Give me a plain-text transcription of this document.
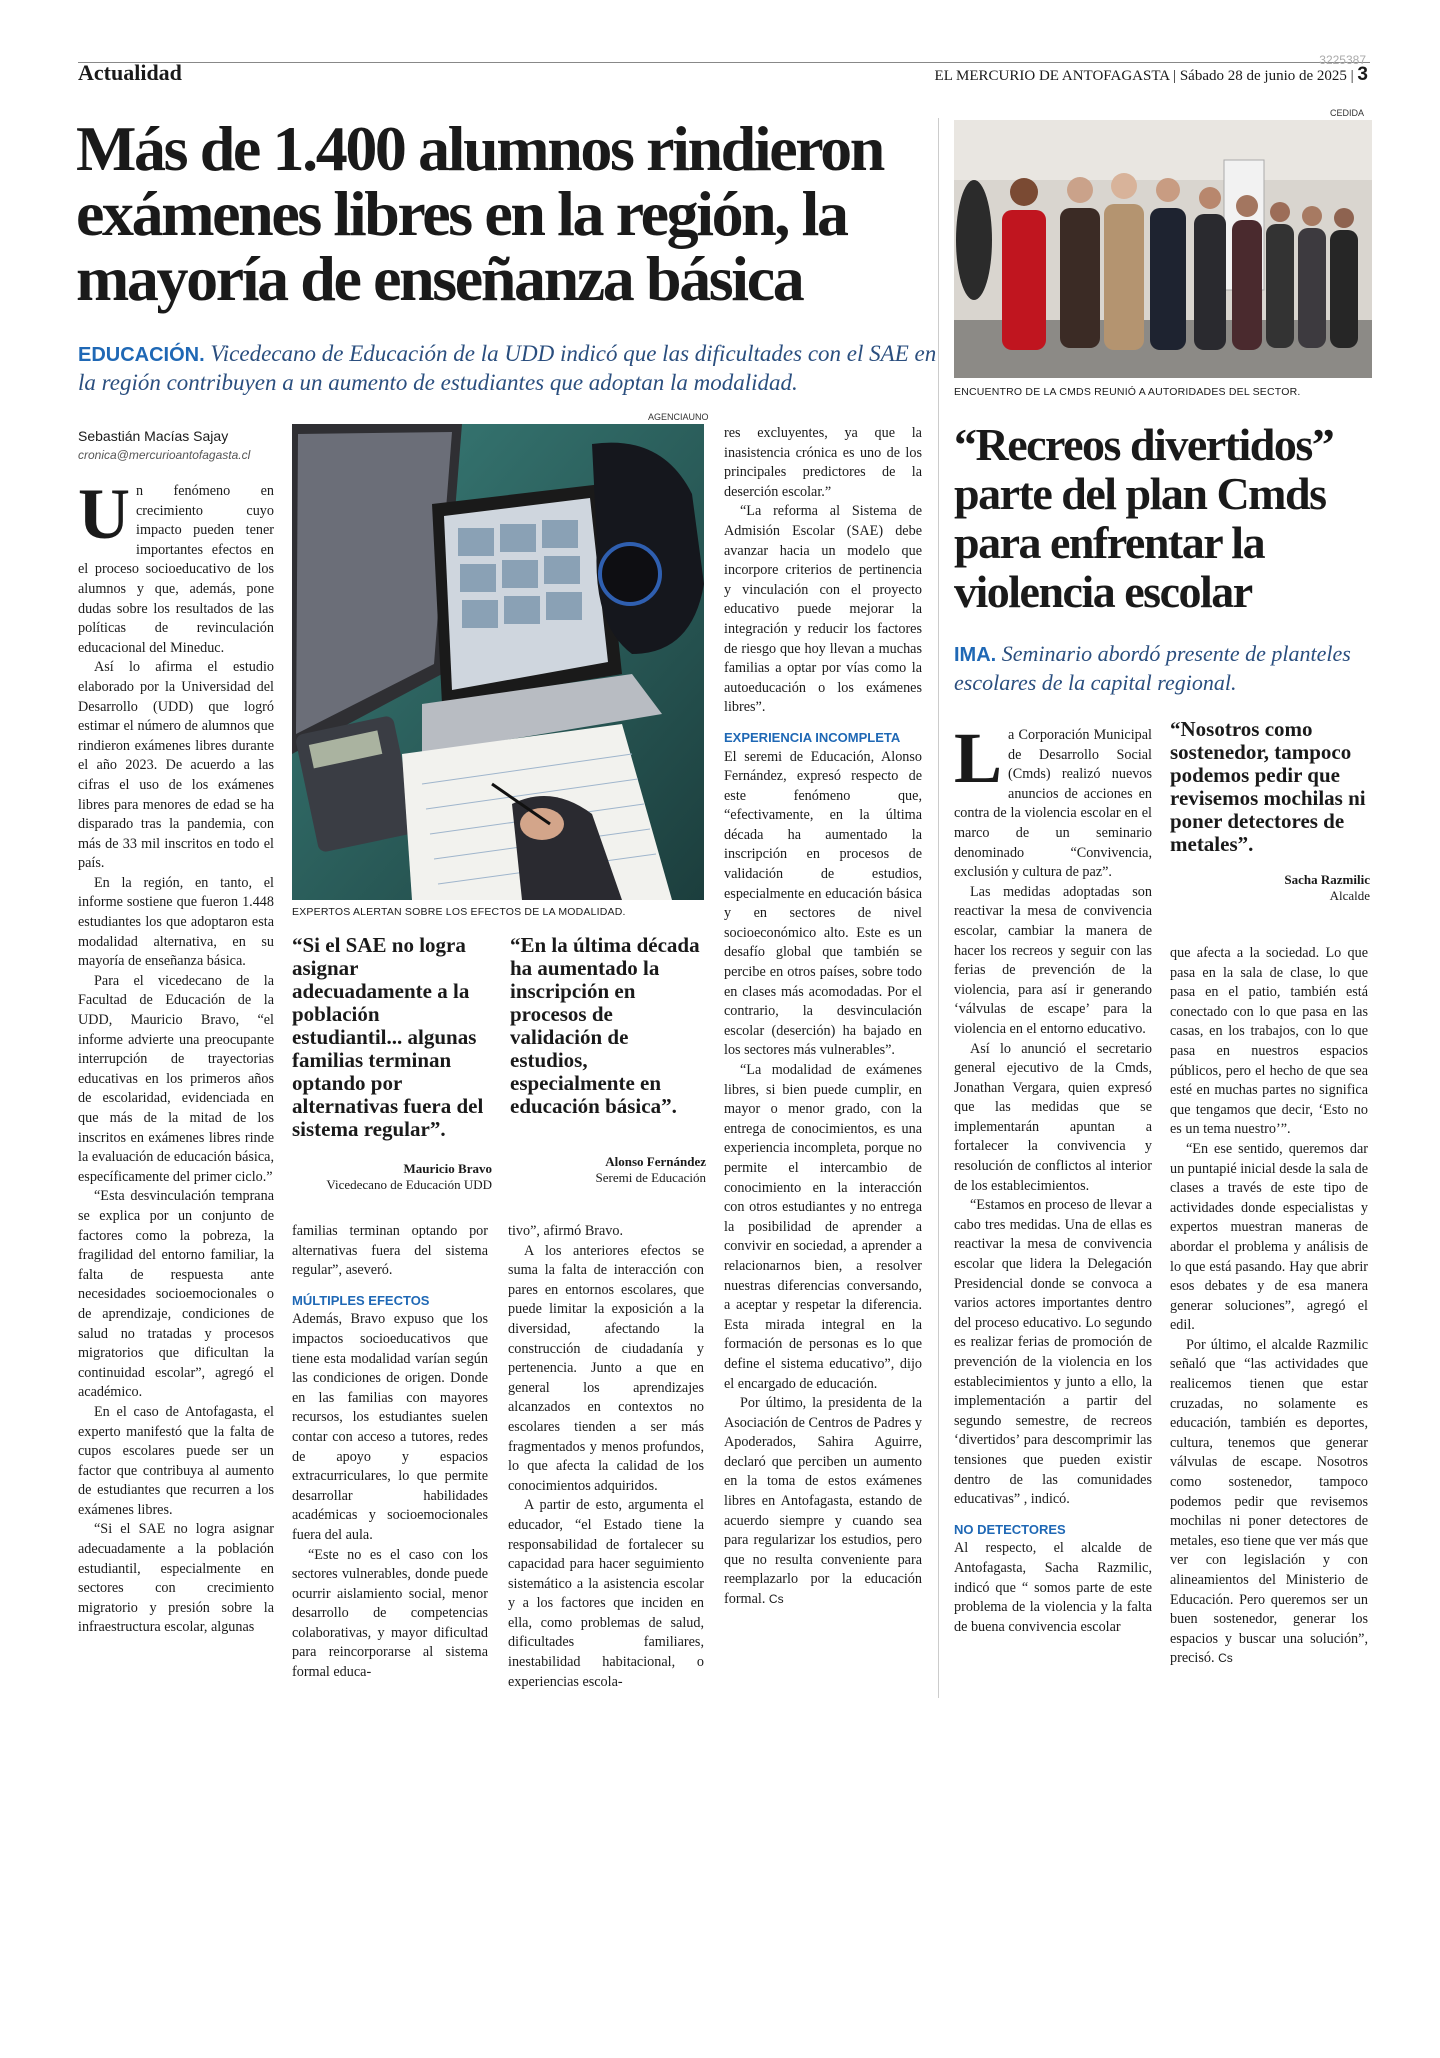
Actualidad	3225387
EL MERCURIO DE ANTOFAGASTA | Sábado 28 de junio de 2025 | 3
Más de 1.400 alumnos rindieron exámenes libres en la región, la mayoría de enseñanza básica
EDUCACIÓN. Vicedecano de Educación de la UDD indicó que las dificultades con el SAE en la región contribuyen a un aumento de estudiantes que adoptan la modalidad.
Sebastián Macías Sajay
cronica@mercurioantofagasta.cl

Un fenómeno en crecimiento cuyo impacto pueden tener importantes efectos en el proceso socioeducativo de los alumnos y que, además, pone dudas sobre los resultados de las políticas de revinculación educacional del Mineduc.

Así lo afirma el estudio elaborado por la Universidad del Desarrollo (UDD) que logró estimar el número de alumnos que rindieron exámenes libres durante el año 2023. De acuerdo a las cifras el uso de los exámenes libres para menores de edad se ha disparado tras la pandemia, con más de 33 mil inscritos en todo el país.

En la región, en tanto, el informe sostiene que fueron 1.448 estudiantes los que adoptaron esta modalidad alternativa, en su mayoría de enseñanza básica.

Para el vicedecano de la Facultad de Educación de la UDD, Mauricio Bravo, “el informe advierte una preocupante interrupción de trayectorias educativas en los primeros años de escolaridad, evidenciada en que más de la mitad de los inscritos en exámenes libres rinde la evaluación de educación básica, específicamente del primer ciclo.”

“Esta desvinculación temprana se explica por un conjunto de factores como la pobreza, la fragilidad del entorno familiar, la falta de respuesta ante necesidades socioemocionales o de aprendizaje, condiciones de salud no tratadas y procesos migratorios que dificultan la continuidad escolar”, agregó el académico.

En el caso de Antofagasta, el experto manifestó que la falta de cupos escolares puede ser un factor que contribuya al aumento de estudiantes que recurren a los exámenes libres.

“Si el SAE no logra asignar adecuadamente a la población estudiantil, especialmente en sectores con crecimiento migratorio y presión sobre la infraestructura escolar, algunas

AGENCIAUNO
EXPERTOS ALERTAN SOBRE LOS EFECTOS DE LA MODALIDAD.
“Si el SAE no logra asignar adecuadamente a la población estudiantil... algunas familias terminan optando por alternativas fuera del sistema regular”.
Mauricio Bravo
Vicedecano de Educación UDD
“En la última década ha aumentado la inscripción en procesos de validación de estudios, especialmente en educación básica”.
Alonso Fernández
Seremi de Educación

familias terminan optando por alternativas fuera del sistema regular”, aseveró.

MÚLTIPLES EFECTOS

Además, Bravo expuso que los impactos socioeducativos que tiene esta modalidad varían según las condiciones de origen. Donde en las familias con mayores recursos, los estudiantes suelen contar con acceso a tutores, redes de apoyo y espacios extracurriculares, lo que permite desarrollar habilidades académicas y socioemocionales fuera del aula.

“Este no es el caso con los sectores vulnerables, donde puede ocurrir aislamiento social, menor desarrollo de competencias colaborativas, y mayor dificultad para reincorporarse al sistema formal educa-

tivo”, afirmó Bravo.

A los anteriores efectos se suma la falta de interacción con pares en entornos escolares, que puede limitar la exposición a la diversidad, afectando la construcción de ciudadanía y pertenencia. Junto a que en general los aprendizajes alcanzados en contextos no escolares tienden a ser más fragmentados y menos profundos, lo que afecta la calidad de los conocimientos adquiridos.

A partir de esto, argumenta el educador, “el Estado tiene la responsabilidad de fortalecer su capacidad para hacer seguimiento sistemático a la asistencia escolar y a los factores que inciden en ella, como problemas de salud, dificultades familiares, inestabilidad habitacional, o experiencias escola-

res excluyentes, ya que la inasistencia crónica es uno de los principales predictores de la deserción escolar.”

“La reforma al Sistema de Admisión Escolar (SAE) debe avanzar hacia un modelo que incorpore criterios de pertinencia y vinculación con el proyecto educativo puede mejorar la integración y reducir los factores de riesgo que hoy llevan a muchas familias a optar por vías como la autoeducación o los exámenes libres”.

EXPERIENCIA INCOMPLETA

El seremi de Educación, Alonso Fernández, expresó respecto de este fenómeno que, “efectivamente, en la última década ha aumentado la inscripción en procesos de validación de estudios, especialmente en educación básica y en sectores de nivel socioeconómico alto. Este es un desafío global que también se percibe en otros países, sobre todo en clases más acomodadas. Por el contrario, la desvinculación escolar (deserción) ha bajado en los sectores más vulnerables”.

“La modalidad de exámenes libres, si bien puede cumplir, en mayor o menor grado, con la entrega de conocimientos, es una experiencia incompleta, porque no permite el intercambio de conocimiento en la interacción con otros estudiantes y no entrega la posibilidad de aprender a convivir en sociedad, a aprender a relacionarnos bien, a resolver nuestras diferencias conversando, a aceptar y respetar la diferencia. Esta mirada integral en la formación de personas es lo que define el sistema educativo”, dijo el encargado de educación.

Por último, la presidenta de la Asociación de Centros de Padres y Apoderados, Sahira Aguirre, declaró que perciben un aumento en la toma de estos exámenes libres en Antofagasta, estando de acuerdo siempre y cuando sea para regularizar los estudios, pero que no resulta conveniente para reemplazarlo por la educación formal. Cs

CEDIDA
ENCUENTRO DE LA CMDS REUNIÓ A AUTORIDADES DEL SECTOR.
“Recreos divertidos” parte del plan Cmds para enfrentar la violencia escolar
IMA. Seminario abordó presente de planteles escolares de la capital regional.

La Corporación Municipal de Desarrollo Social (Cmds) realizó nuevos anuncios de acciones en contra de la violencia escolar en el marco de un seminario denominado “Convivencia, exclusión y cultura de paz”.

Las medidas adoptadas son reactivar la mesa de convivencia escolar, cambiar la manera de hacer los recreos y seguir con las ferias de prevención de la violencia, para así ir generando ‘válvulas de escape’ para la violencia en el entorno educativo.

Así lo anunció el secretario general ejecutivo de la Cmds, Jonathan Vergara, quien expresó que las medidas que se implementarán apuntan a fortalecer la convivencia y resolución de conflictos al interior de los establecimientos.

“Estamos en proceso de llevar a cabo tres medidas. Una de ellas es reactivar la mesa de convivencia escolar que lidera la Delegación Presidencial donde se convoca a varios actores importantes dentro del proceso educativo. Lo segundo es realizar ferias de promoción de prevención de la violencia en los establecimientos y junto a ello, la implementación a partir del segundo semestre, de recreos ‘divertidos’ para descomprimir las tensiones que pueden existir dentro de las comunidades educativas” , indicó.

NO DETECTORES

Al respecto, el alcalde de Antofagasta, Sacha Razmilic, indicó que “ somos parte de este problema de la violencia y la falta de buena convivencia escolar

“Nosotros como sostenedor, tampoco podemos pedir que revisemos mochilas ni poner detectores de metales”.
Sacha Razmilic
Alcalde

que afecta a la sociedad. Lo que pasa en la sala de clase, lo que pasa en el patio, también está conectado con lo que pasa en las casas, en los trabajos, con lo que pasa en nuestros espacios públicos, pero el hecho de que sea esté en muchas partes no significa que tengamos que decir, ‘Esto no es un tema nuestro’”.

“En ese sentido, queremos dar un puntapié inicial desde la sala de clases a través de este tipo de actividades donde especialistas y expertos muestran maneras de abordar el problema y análisis de lo que está pasando. Hay que abrir esos debates y de esa manera generar soluciones”, agregó el edil.

Por último, el alcalde Razmilic señaló que “las actividades que realicemos tienen que estar cruzadas, no solamente es educación, también es deportes, cultura, tenemos que generar válvulas de escape. Nosotros como sostenedor, tampoco podemos pedir que revisemos mochilas ni poner detectores de metales, eso tiene que ver más que ver con legislación y con alineamientos del Ministerio de Educación. Pero queremos ser un buen sostenedor, generar los espacios y buscar una solución”, precisó. Cs
